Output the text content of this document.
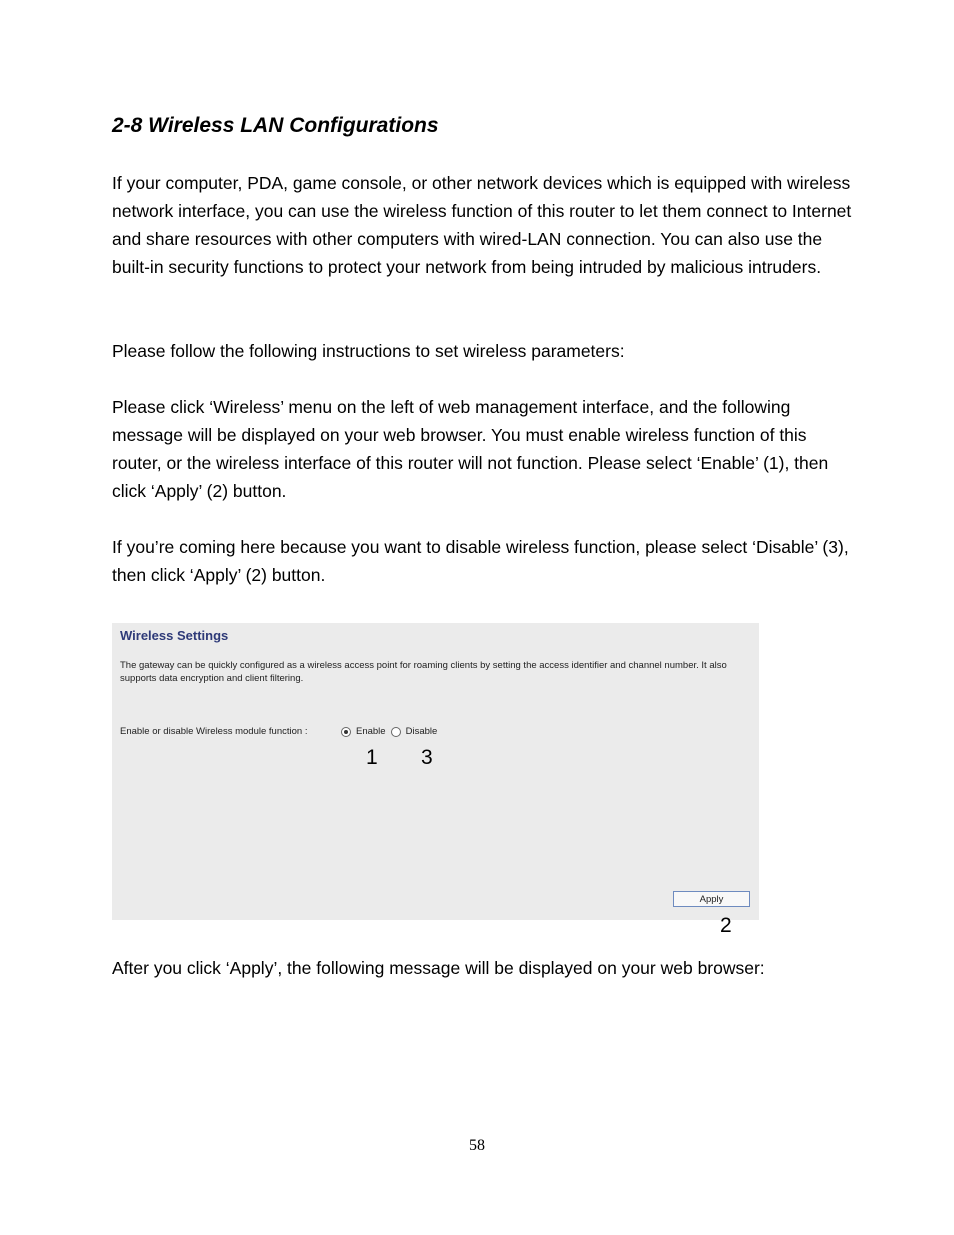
2-8 Wireless LAN Configurations

If your computer, PDA, game console, or other network devices which is equipped with wireless network interface, you can use the wireless function of this router to let them connect to Internet and share resources with other computers with wired-LAN connection. You can also use the built-in security functions to protect your network from being intruded by malicious intruders.

Please follow the following instructions to set wireless parameters:

Please click ‘Wireless’ menu on the left of web management interface, and the following message will be displayed on your web browser. You must enable wireless function of this router, or the wireless interface of this router will not function. Please select ‘Enable’ (1), then click ‘Apply’ (2) button.

If you’re coming here because you want to disable wireless function, please select ‘Disable’ (3), then click ‘Apply’ (2) button.

Wireless Settings
The gateway can be quickly configured as a wireless access point for roaming clients by setting the access identifier and channel number. It also supports data encryption and client filtering.
Enable or disable Wireless module function :	Enable Disable
Apply
1 3
2

After you click ‘Apply’, the following message will be displayed on your web browser:

58
